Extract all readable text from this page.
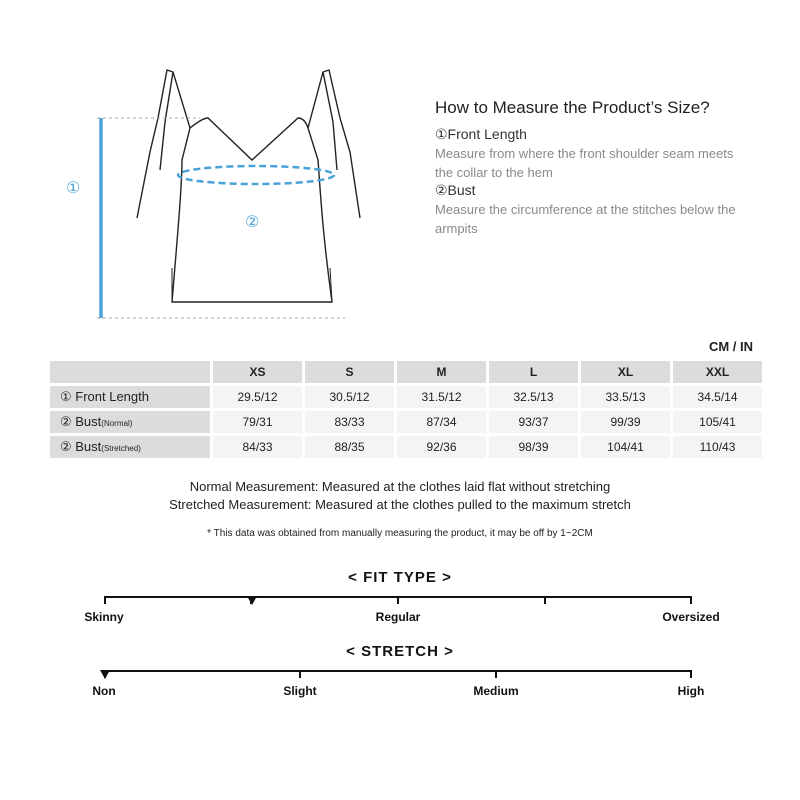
①
②
How to Measure the Product’s Size?
①Front Length
Measure from where the front shoulder seam meets the collar to the hem
②Bust
Measure the circumference at the stitches below the armpits
CM / IN
	XS	S	M	L	XL	XXL
① Front Length	29.5/12	30.5/12	31.5/12	32.5/13	33.5/13	34.5/14
② Bust(Normal)	79/31	83/33	87/34	93/37	99/39	105/41
② Bust(Stretched)	84/33	88/35	92/36	98/39	104/41	110/43
Normal Measurement: Measured at the clothes laid flat without stretching
Stretched Measurement: Measured at the clothes pulled to the maximum stretch
* This data was obtained from manually measuring the product, it may be off by 1~2CM
< FIT TYPE >
Skinny	Regular	Oversized
< STRETCH >
Non	Slight	Medium	High
